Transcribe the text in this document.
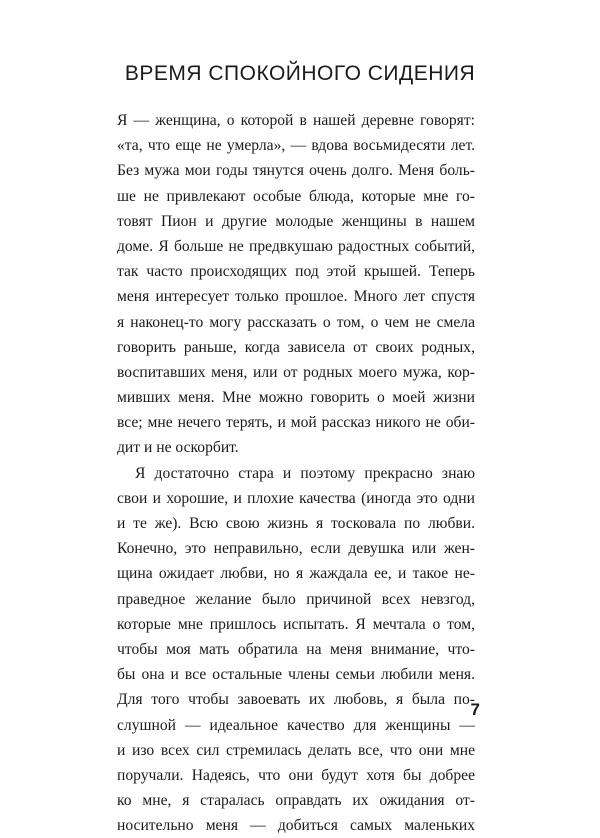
ВРЕМЯ СПОКОЙНОГО СИДЕНИЯ
Я — женщина, о которой в нашей деревне говорят:
«та, что еще не умерла», — вдова восьмидесяти лет.
Без мужа мои годы тянутся очень долго. Меня боль-
ше не привлекают особые блюда, которые мне го-
товят Пион и другие молодые женщины в нашем
доме. Я больше не предвкушаю радостных событий,
так часто происходящих под этой крышей. Теперь
меня интересует только прошлое. Много лет спустя
я наконец-то могу рассказать о том, о чем не смела
говорить раньше, когда зависела от своих родных,
воспитавших меня, или от родных моего мужа, кор-
мивших меня. Мне можно говорить о моей жизни
все; мне нечего терять, и мой рассказ никого не оби-
дит и не оскорбит.
Я достаточно стара и поэтому прекрасно знаю
свои и хорошие, и плохие качества (иногда это одни
и те же). Всю свою жизнь я тосковала по любви.
Конечно, это неправильно, если девушка или жен-
щина ожидает любви, но я жаждала ее, и такое не-
праведное желание было причиной всех невзгод,
которые мне пришлось испытать. Я мечтала о том,
чтобы моя мать обратила на меня внимание, что-
бы она и все остальные члены семьи любили меня.
Для того чтобы завоевать их любовь, я была по-
слушной — идеальное качество для женщины —
и изо всех сил стремилась делать все, что они мне
поручали. Надеясь, что они будут хотя бы добрее
ко мне, я старалась оправдать их ожидания от-
носительно меня — добиться самых маленьких
7
